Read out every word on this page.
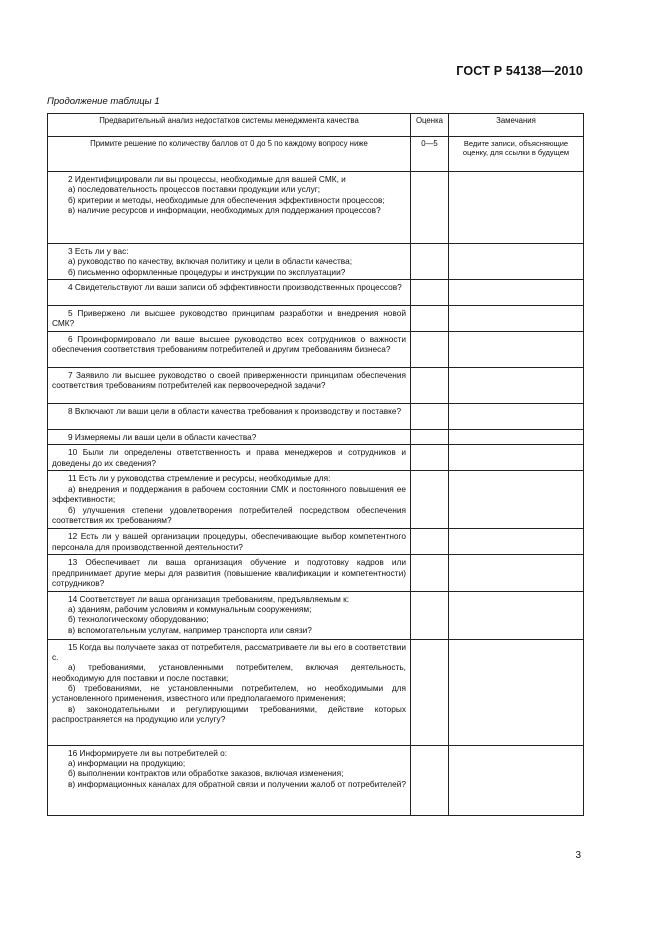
ГОСТ Р 54138—2010
Продолжение таблицы 1
Предварительный анализ недостатков системы менеджмента качества	Оценка	Замечания
Примите решение по количеству баллов от 0 до 5 по каждому вопросу ниже	0—5	Ведите записи, объясняющие оценку, для ссылки в будущем

2 Идентифицировали ли вы процессы, необходимые для вашей СМК, и
а) последовательность процессов поставки продукции или услуг;
б) критерии и методы, необходимые для обеспечения эффективности процессов;
в) наличие ресурсов и информации, необходимых для поддержания процессов?		

3 Есть ли у вас:
а) руководство по качеству, включая политику и цели в области качества;
б) письменно оформленные процедуры и инструкции по эксплуатации?		

4 Свидетельствуют ли ваши записи об эффективности производственных процессов?		

5 Привержено ли высшее руководство принципам разработки и внедрения новой СМК?		

6 Проинформировало ли ваше высшее руководство всех сотрудников о важности обеспечения соответствия требованиям потребителей и другим требованиям бизнеса?		

7 Заявило ли высшее руководство о своей приверженности принципам обеспечения соответствия требованиям потребителей как первоочередной задачи?		

8 Включают ли ваши цели в области качества требования к производству и поставке?		

9 Измеряемы ли ваши цели в области качества?		

10 Были ли определены ответственность и права менеджеров и сотрудников и доведены до их сведения?		

11 Есть ли у руководства стремление и ресурсы, необходимые для:
а) внедрения и поддержания в рабочем состоянии СМК и постоянного повышения ее эффективности;
б) улучшения степени удовлетворения потребителей посредством обеспечения соответствия их требованиям?		

12 Есть ли у вашей организации процедуры, обеспечивающие выбор компетентного персонала для производственной деятельности?		

13 Обеспечивает ли ваша организация обучение и подготовку кадров или предпринимает другие меры для развития (повышение квалификации и компетентности) сотрудников?		

14 Соответствует ли ваша организация требованиям, предъявляемым к:
а) зданиям, рабочим условиям и коммунальным сооружениям;
б) технологическому оборудованию;
в) вспомогательным услугам, например транспорта или связи?		

15 Когда вы получаете заказ от потребителя, рассматриваете ли вы его в соответствии с.
а) требованиями, установленными потребителем, включая деятельность, необходимую для поставки и после поставки;
б) требованиями, не установленными потребителем, но необходимыми для установленного применения, известного или предполагаемого применения;
в) законодательными и регулирующими требованиями, действие которых распространяется на продукцию или услугу?		

16 Информируете ли вы потребителей о:
а) информации на продукцию;
б) выполнении контрактов или обработке заказов, включая изменения;
в) информационных каналах для обратной связи и получении жалоб от потребителей?		

3
